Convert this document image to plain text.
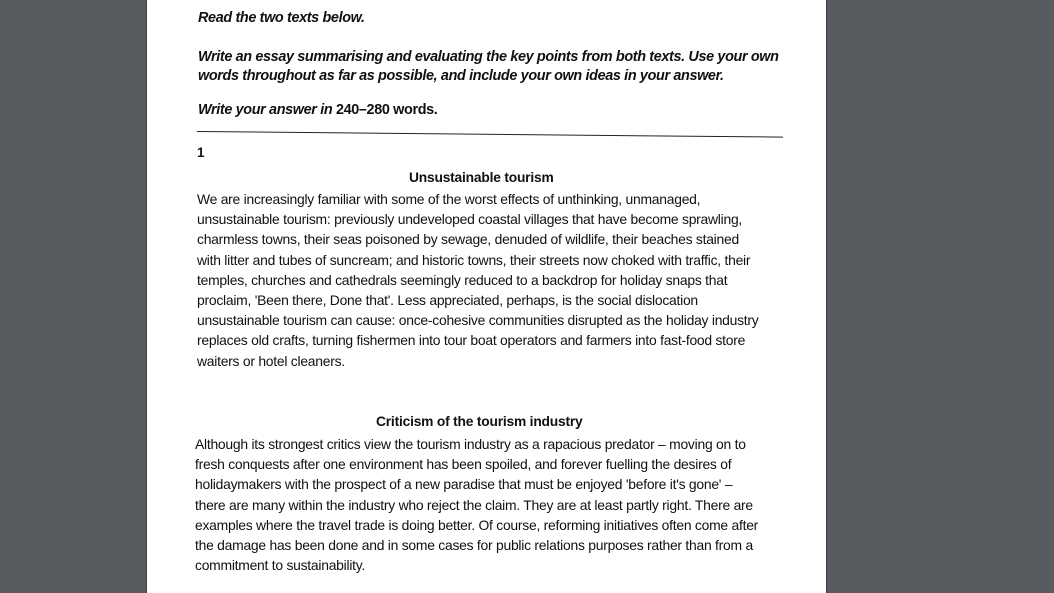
Read the two texts below.

Write an essay summarising and evaluating the key points from both texts. Use your own
words throughout as far as possible, and include your own ideas in your answer.

Write your answer in 240–280 words.

1
Unsustainable tourism

We are increasingly familiar with some of the worst effects of unthinking, unmanaged, unsustainable tourism: previously undeveloped coastal villages that have become sprawling, charmless towns, their seas poisoned by sewage, denuded of wildlife, their beaches stained with litter and tubes of suncream; and historic towns, their streets now choked with traffic, their temples, churches and cathedrals seemingly reduced to a backdrop for holiday snaps that proclaim, 'Been there, Done that'. Less appreciated, perhaps, is the social dislocation unsustainable tourism can cause: once-cohesive communities disrupted as the holiday industry replaces old crafts, turning fishermen into tour boat operators and farmers into fast-food store waiters or hotel cleaners.

Criticism of the tourism industry

Although its strongest critics view the tourism industry as a rapacious predator – moving on to fresh conquests after one environment has been spoiled, and forever fuelling the desires of holidaymakers with the prospect of a new paradise that must be enjoyed 'before it's gone' – there are many within the industry who reject the claim. They are at least partly right. There are examples where the travel trade is doing better. Of course, reforming initiatives often come after the damage has been done and in some cases for public relations purposes rather than from a commitment to sustainability.
